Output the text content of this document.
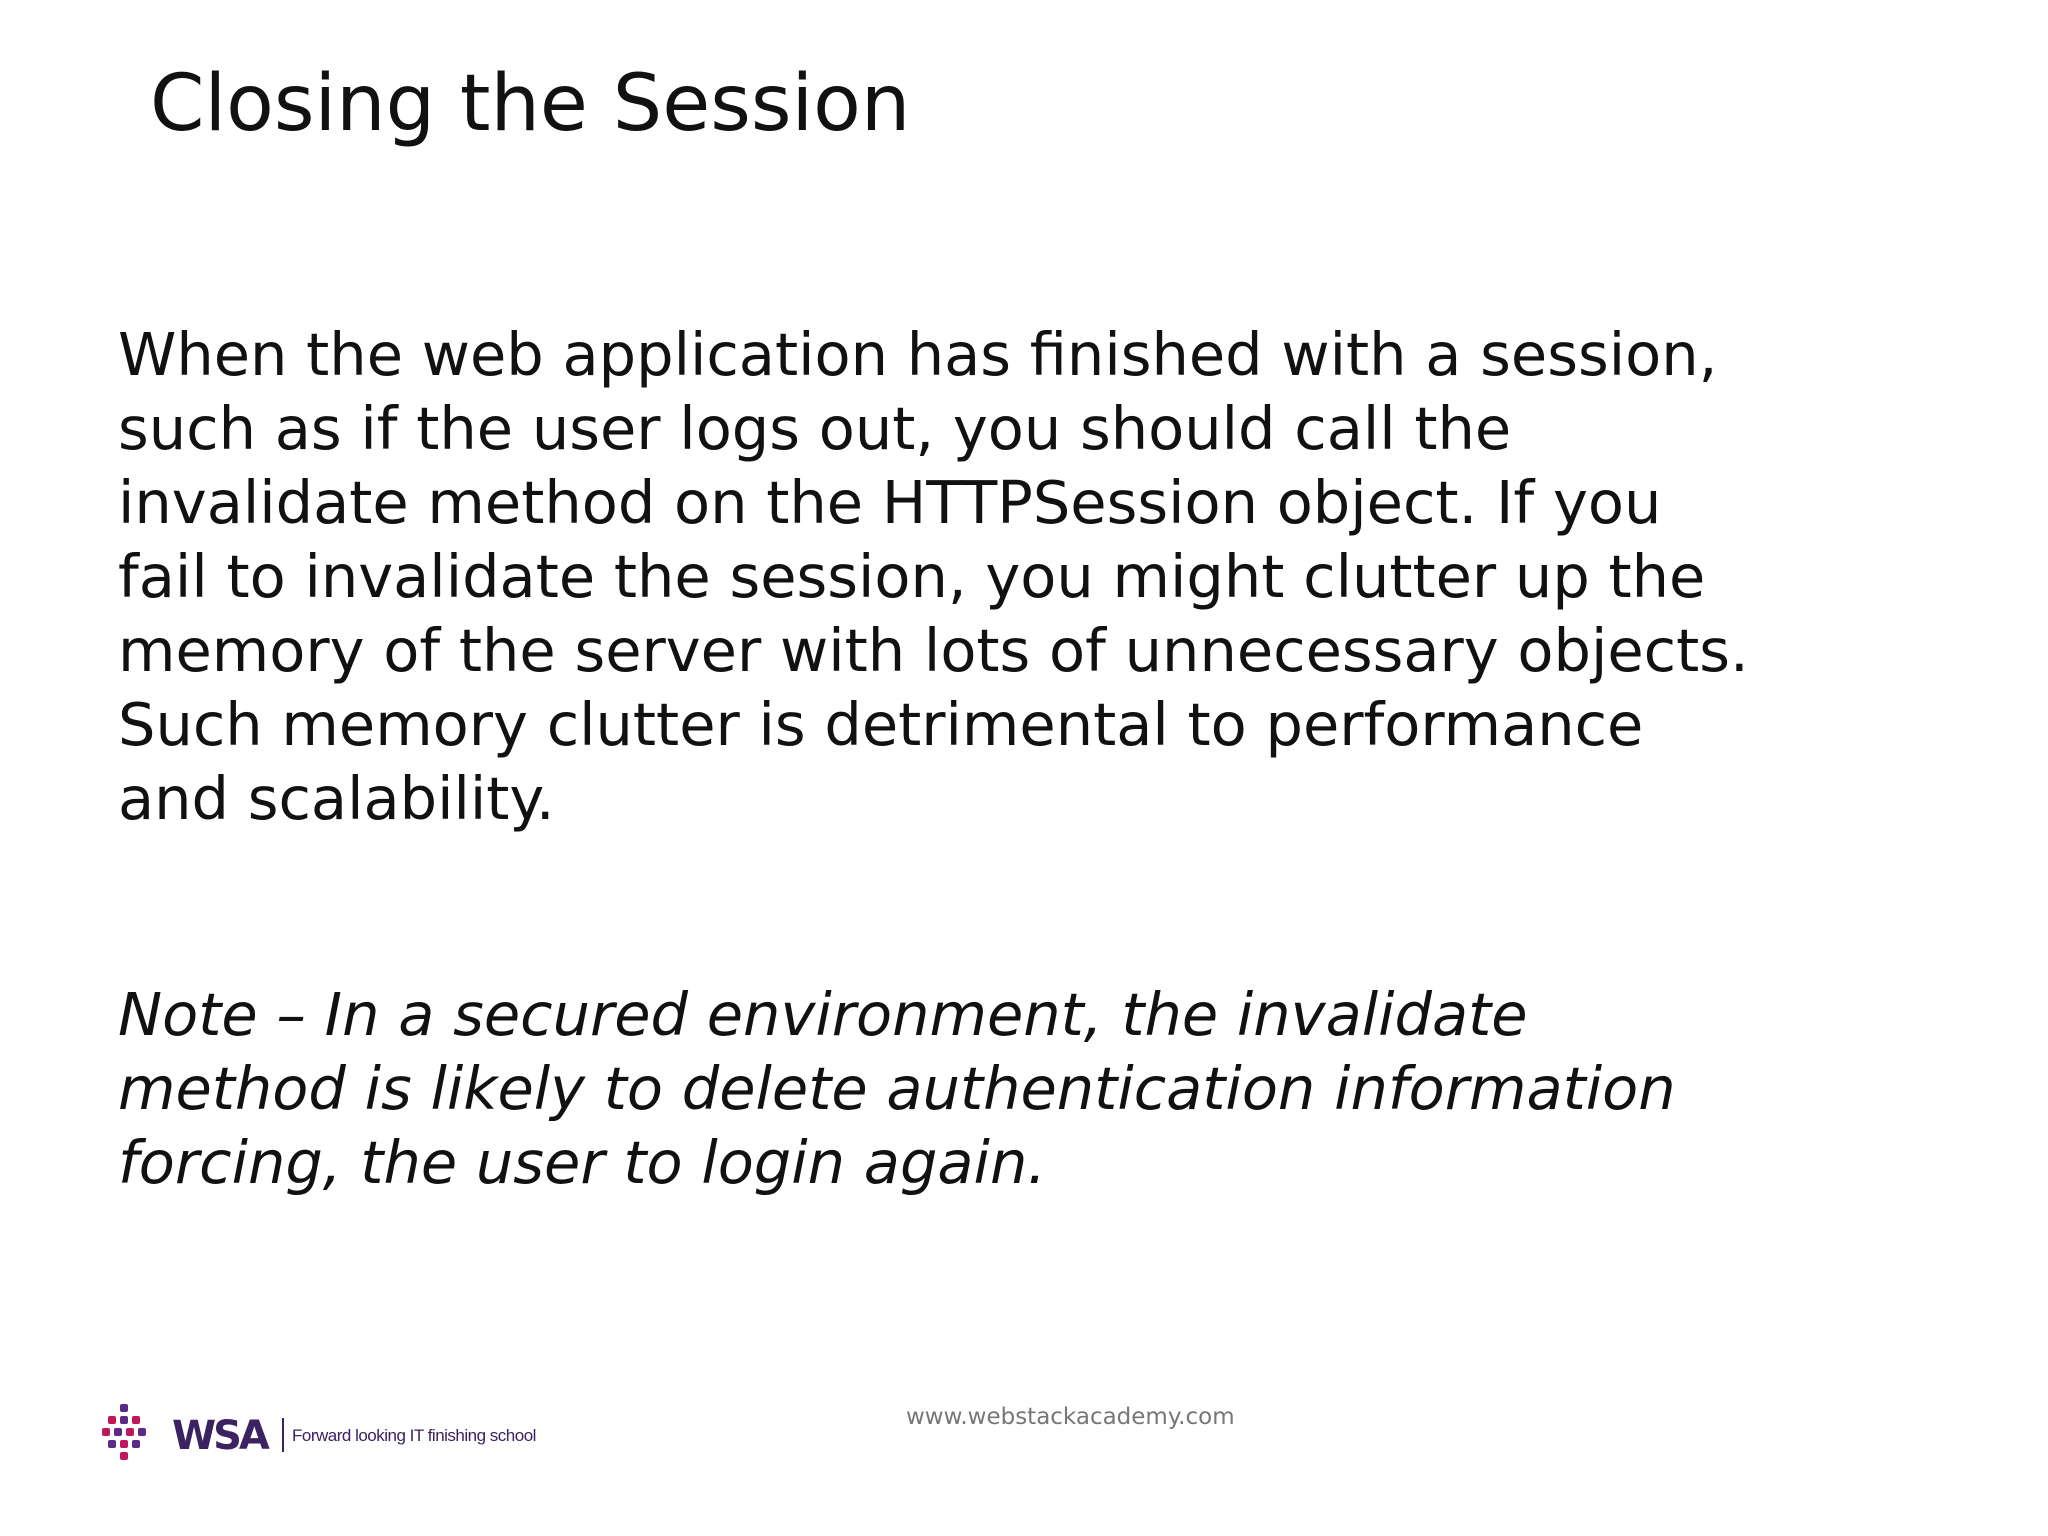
Closing the Session
When the web application has finished with a session,
such as if the user logs out, you should call the
invalidate method on the HTTPSession object. If you
fail to invalidate the session, you might clutter up the
memory of the server with lots of unnecessary objects.
Such memory clutter is detrimental to performance
and scalability.
Note – In a secured environment, the invalidate
method is likely to delete authentication information
forcing, the user to login again.
WSA Forward looking IT finishing school
www.webstackacademy.com
